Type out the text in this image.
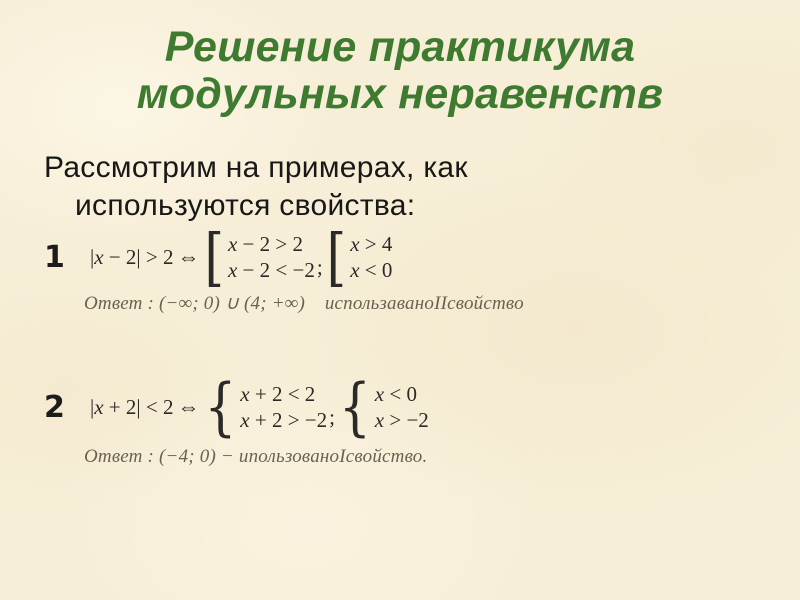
Решение практикума
модульных неравенств
Рассмотрим на примерах, как
используются свойства:
1 |x − 2| > 2 ⇔ [ x − 2 > 2
x − 2 < −2 ; [ x > 4
x < 0
Ответ : (−∞; 0) ∪ (4; +∞)    использаваноIIсвойство
2 |x + 2| < 2 ⇔ { x + 2 < 2
x + 2 > −2 ; { x < 0
x > −2
Ответ : (−4; 0) − ипользованоIсвойство.
